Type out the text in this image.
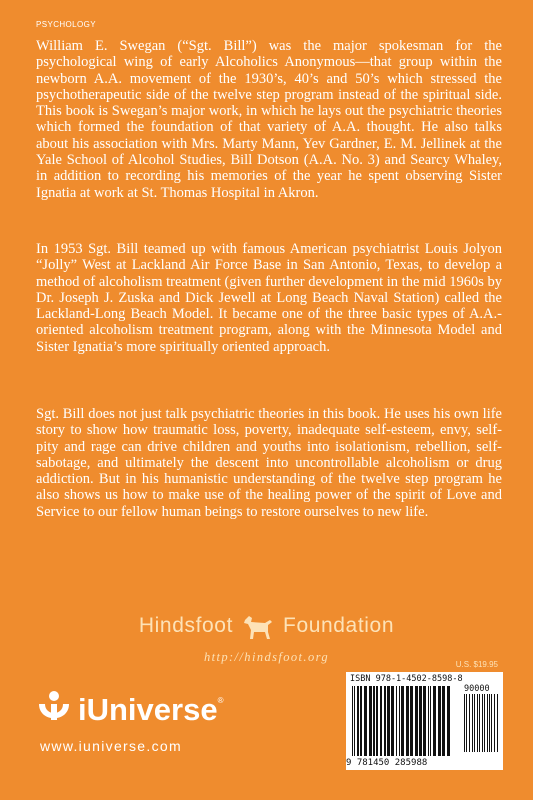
PSYCHOLOGY

William E. Swegan (“Sgt. Bill”) was the major spokesman for the psychological wing of early Alcoholics Anonymous—that group within the newborn A.A. movement of the 1930’s, 40’s and 50’s which stressed the psychotherapeutic side of the twelve step program instead of the spiritual side. This book is Swegan’s major work, in which he lays out the psychiatric theories which formed the foundation of that variety of A.A. thought. He also talks about his association with Mrs. Marty Mann, Yev Gardner, E. M. Jellinek at the Yale School of Alcohol Studies, Bill Dotson (A.A. No. 3) and Searcy Whaley, in addition to recording his memories of the year he spent observing Sister Ignatia at work at St. Thomas Hospital in Akron.

In 1953 Sgt. Bill teamed up with famous American psychiatrist Louis Jolyon “Jolly” West at Lackland Air Force Base in San Antonio, Texas, to develop a method of alcoholism treatment (given further development in the mid 1960s by Dr. Joseph J. Zuska and Dick Jewell at Long Beach Naval Station) called the Lackland-Long Beach Model. It became one of the three basic types of A.A.-oriented alcoholism treatment program, along with the Minnesota Model and Sister Ignatia’s more spiritually oriented approach.

Sgt. Bill does not just talk psychiatric theories in this book. He uses his own life story to show how traumatic loss, poverty, inadequate self-esteem, envy, self-pity and rage can drive children and youths into isolationism, rebellion, self-sabotage, and ultimately the descent into uncontrollable alcoholism or drug addiction. But in his humanistic understanding of the twelve step program he also shows us how to make use of the healing power of the spirit of Love and Service to our fellow human beings to restore ourselves to new life.

Hindsfoot Foundation
http://hindsfoot.org
iUniverse ®
www.iuniverse.com
U.S. $19.95
ISBN 978-1-4502-8598-8
90000
9 781450 285988
